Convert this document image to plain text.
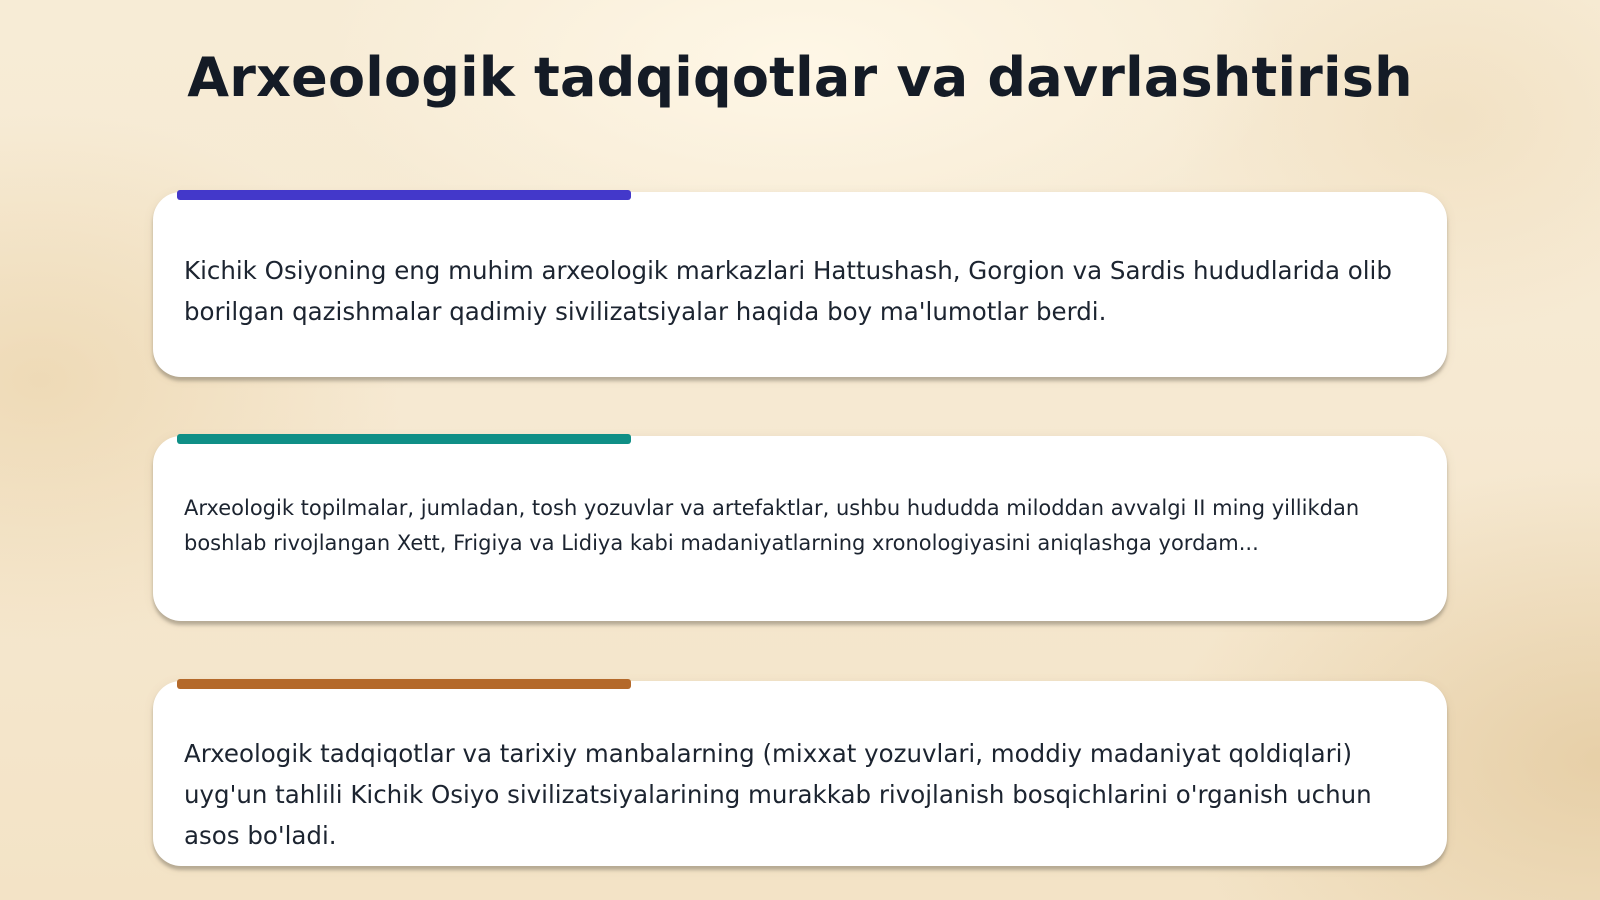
Arxeologik tadqiqotlar va davrlashtirish

Kichik Osiyoning eng muhim arxeologik markazlari Hattushash, Gorgion va Sardis hududlarida olib borilgan qazishmalar qadimiy sivilizatsiyalar haqida boy ma'lumotlar berdi.

Arxeologik topilmalar, jumladan, tosh yozuvlar va artefaktlar, ushbu hududda miloddan avvalgi II ming yillikdan boshlab rivojlangan Xett, Frigiya va Lidiya kabi madaniyatlarning xronologiyasini aniqlashga yordam...

Arxeologik tadqiqotlar va tarixiy manbalarning (mixxat yozuvlari, moddiy madaniyat qoldiqlari) uyg'un tahlili Kichik Osiyo sivilizatsiyalarining murakkab rivojlanish bosqichlarini o'rganish uchun asos bo'ladi.
